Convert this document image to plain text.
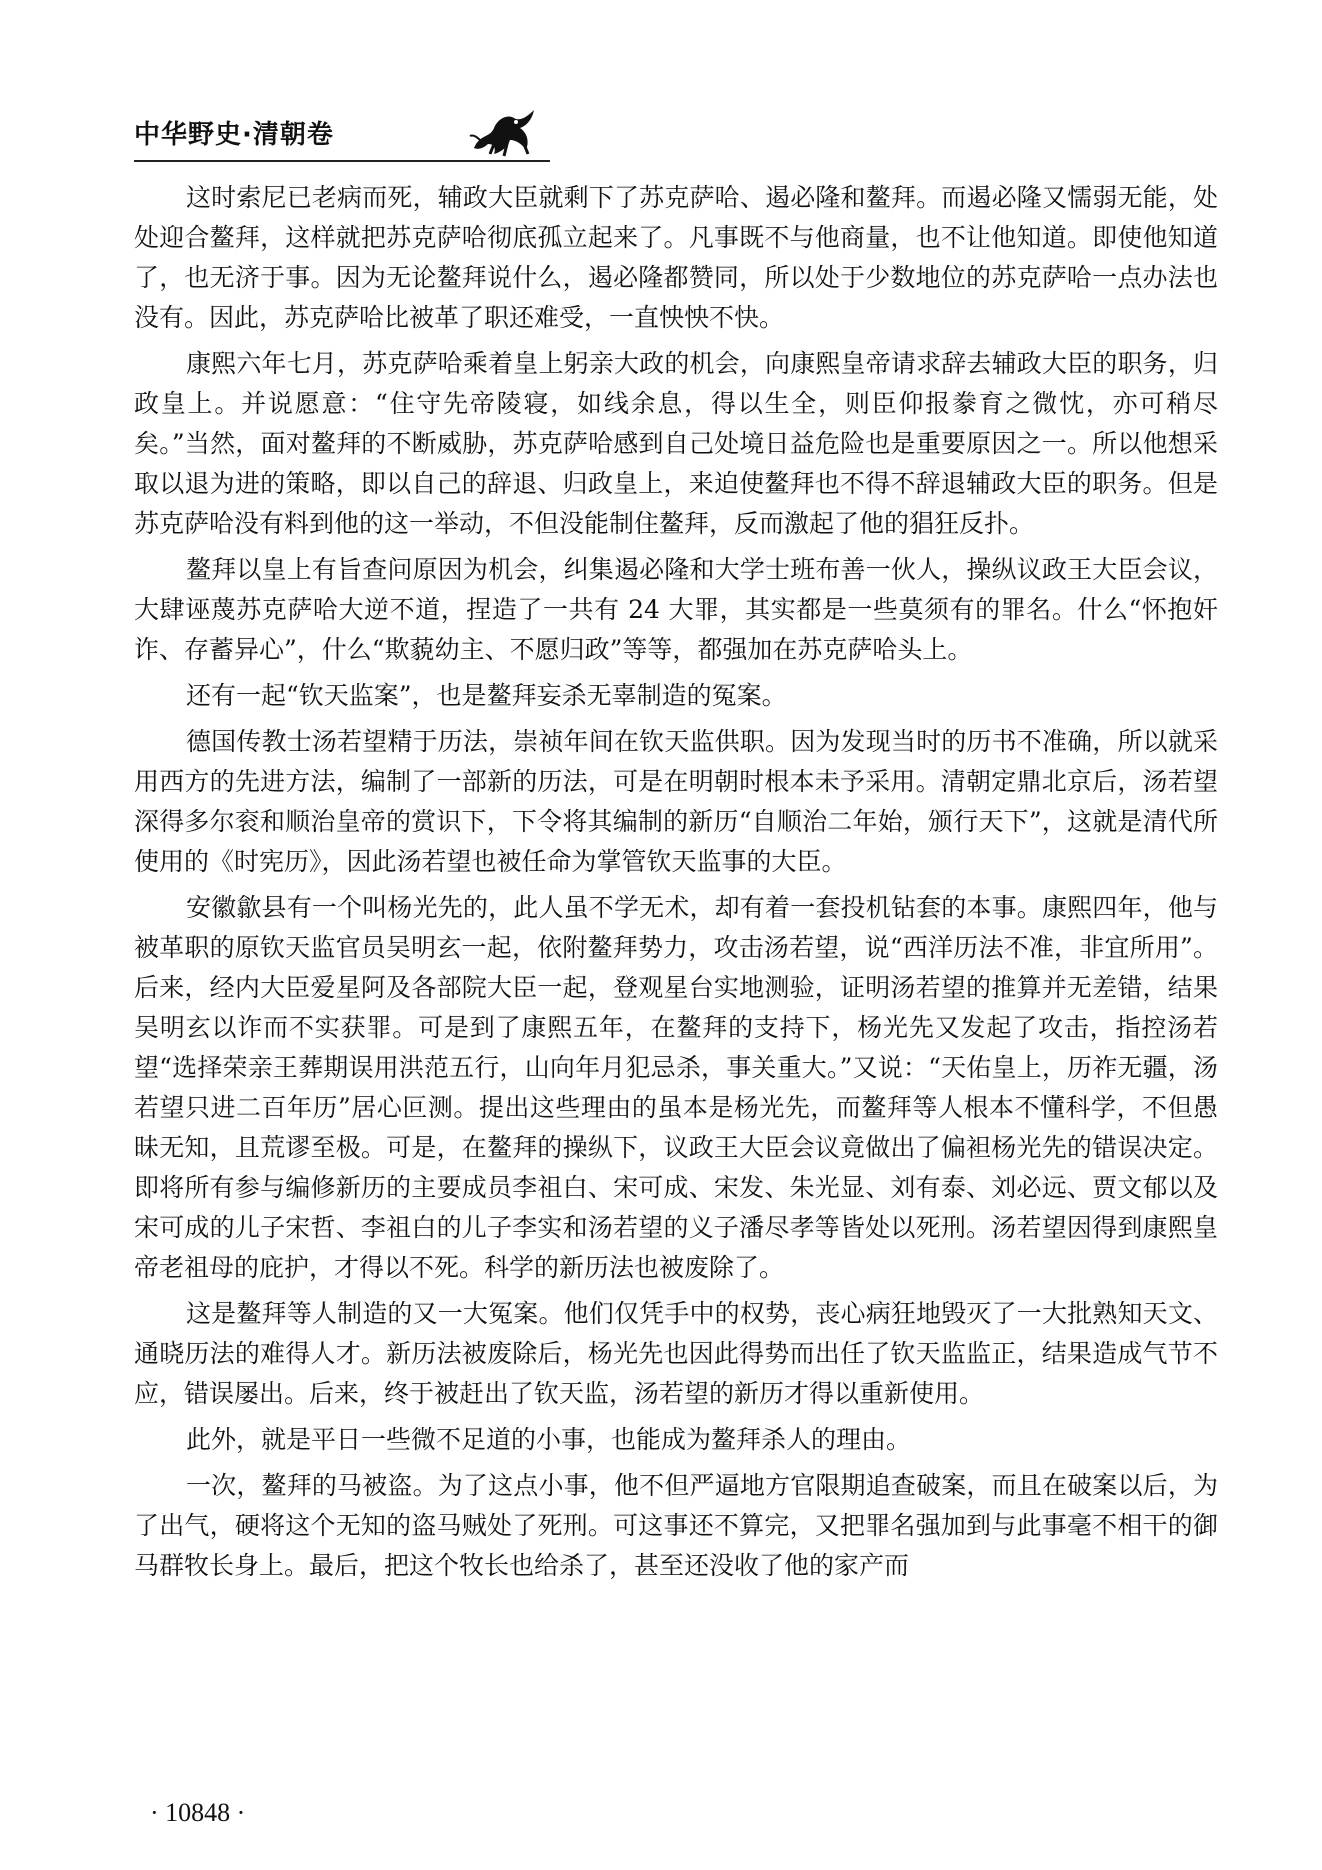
中华野史·清朝卷

这时索尼已老病而死，辅政大臣就剩下了苏克萨哈、遏必隆和鳌拜。而遏必隆又懦弱无能，处处迎合鳌拜，这样就把苏克萨哈彻底孤立起来了。凡事既不与他商量，也不让他知道。即使他知道了，也无济于事。因为无论鳌拜说什么，遏必隆都赞同，所以处于少数地位的苏克萨哈一点办法也没有。因此，苏克萨哈比被革了职还难受，一直怏怏不快。

康熙六年七月，苏克萨哈乘着皇上躬亲大政的机会，向康熙皇帝请求辞去辅政大臣的职务，归政皇上。并说愿意：“住守先帝陵寝，如线余息，得以生全，则臣仰报豢育之微忱，亦可稍尽矣。”当然，面对鳌拜的不断威胁，苏克萨哈感到自己处境日益危险也是重要原因之一。所以他想采取以退为进的策略，即以自己的辞退、归政皇上，来迫使鳌拜也不得不辞退辅政大臣的职务。但是苏克萨哈没有料到他的这一举动，不但没能制住鳌拜，反而激起了他的猖狂反扑。

鳌拜以皇上有旨查问原因为机会，纠集遏必隆和大学士班布善一伙人，操纵议政王大臣会议，大肆诬蔑苏克萨哈大逆不道，捏造了一共有 24 大罪，其实都是一些莫须有的罪名。什么“怀抱奸诈、存蓄异心”，什么“欺藐幼主、不愿归政”等等，都强加在苏克萨哈头上。

还有一起“钦天监案”，也是鳌拜妄杀无辜制造的冤案。

德国传教士汤若望精于历法，崇祯年间在钦天监供职。因为发现当时的历书不准确，所以就采用西方的先进方法，编制了一部新的历法，可是在明朝时根本未予采用。清朝定鼎北京后，汤若望深得多尔衮和顺治皇帝的赏识下，下令将其编制的新历“自顺治二年始，颁行天下”，这就是清代所使用的《时宪历》，因此汤若望也被任命为掌管钦天监事的大臣。

安徽歙县有一个叫杨光先的，此人虽不学无术，却有着一套投机钻套的本事。康熙四年，他与被革职的原钦天监官员吴明玄一起，依附鳌拜势力，攻击汤若望，说“西洋历法不准，非宜所用”。后来，经内大臣爱星阿及各部院大臣一起，登观星台实地测验，证明汤若望的推算并无差错，结果吴明玄以诈而不实获罪。可是到了康熙五年，在鳌拜的支持下，杨光先又发起了攻击，指控汤若望“选择荣亲王葬期误用洪范五行，山向年月犯忌杀，事关重大。”又说：“天佑皇上，历祚无疆，汤若望只进二百年历”居心叵测。提出这些理由的虽本是杨光先，而鳌拜等人根本不懂科学，不但愚昧无知，且荒谬至极。可是，在鳌拜的操纵下，议政王大臣会议竟做出了偏袒杨光先的错误决定。即将所有参与编修新历的主要成员李祖白、宋可成、宋发、朱光显、刘有泰、刘必远、贾文郁以及宋可成的儿子宋哲、李祖白的儿子李实和汤若望的义子潘尽孝等皆处以死刑。汤若望因得到康熙皇帝老祖母的庇护，才得以不死。科学的新历法也被废除了。

这是鳌拜等人制造的又一大冤案。他们仅凭手中的权势，丧心病狂地毁灭了一大批熟知天文、通晓历法的难得人才。新历法被废除后，杨光先也因此得势而出任了钦天监监正，结果造成气节不应，错误屡出。后来，终于被赶出了钦天监，汤若望的新历才得以重新使用。

此外，就是平日一些微不足道的小事，也能成为鳌拜杀人的理由。

一次，鳌拜的马被盗。为了这点小事，他不但严逼地方官限期追查破案，而且在破案以后，为了出气，硬将这个无知的盗马贼处了死刑。可这事还不算完，又把罪名强加到与此事毫不相干的御马群牧长身上。最后，把这个牧长也给杀了，甚至还没收了他的家产而

· 10848 ·
